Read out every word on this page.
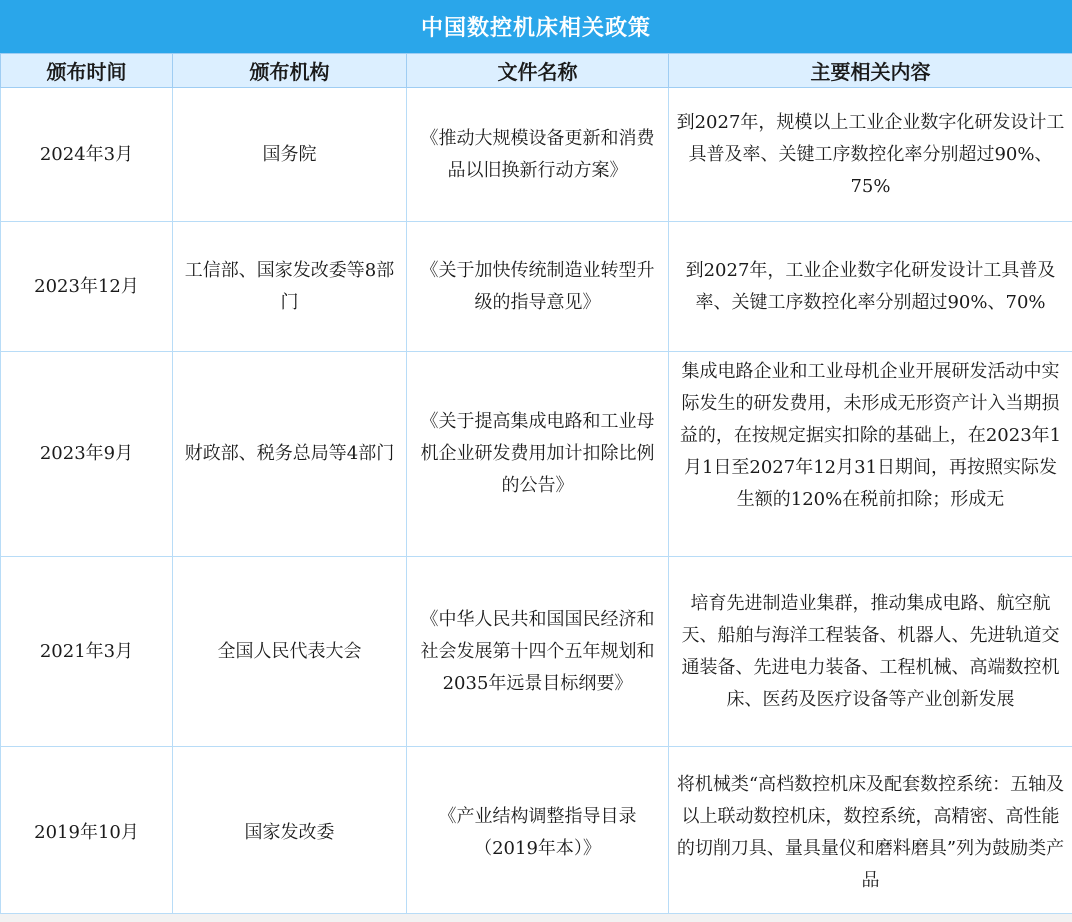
中国数控机床相关政策
颁布时间	颁布机构	文件名称	主要相关内容
2024年3月	国务院	《推动大规模设备更新和消费品以旧换新行动方案》	到2027年，规模以上工业企业数字化研发设计工具普及率、关键工序数控化率分别超过90%、75%
2023年12月	工信部、国家发改委等8部门	《关于加快传统制造业转型升级的指导意见》	到2027年，工业企业数字化研发设计工具普及率、关键工序数控化率分别超过90%、70%
2023年9月	财政部、税务总局等4部门	《关于提高集成电路和工业母机企业研发费用加计扣除比例的公告》	集成电路企业和工业母机企业开展研发活动中实际发生的研发费用，未形成无形资产计入当期损益的，在按规定据实扣除的基础上，在2023年1月1日至2027年12月31日期间，再按照实际发生额的120%在税前扣除；形成无

2021年3月	全国人民代表大会	《中华人民共和国国民经济和社会发展第十四个五年规划和2035年远景目标纲要》	培育先进制造业集群，推动集成电路、航空航天、船舶与海洋工程装备、机器人、先进轨道交通装备、先进电力装备、工程机械、高端数控机床、医药及医疗设备等产业创新发展
2019年10月	国家发改委	《产业结构调整指导目录（2019年本）》	将机械类“高档数控机床及配套数控系统：五轴及以上联动数控机床，数控系统，高精密、高性能的切削刀具、量具量仪和磨料磨具”列为鼓励类产品
